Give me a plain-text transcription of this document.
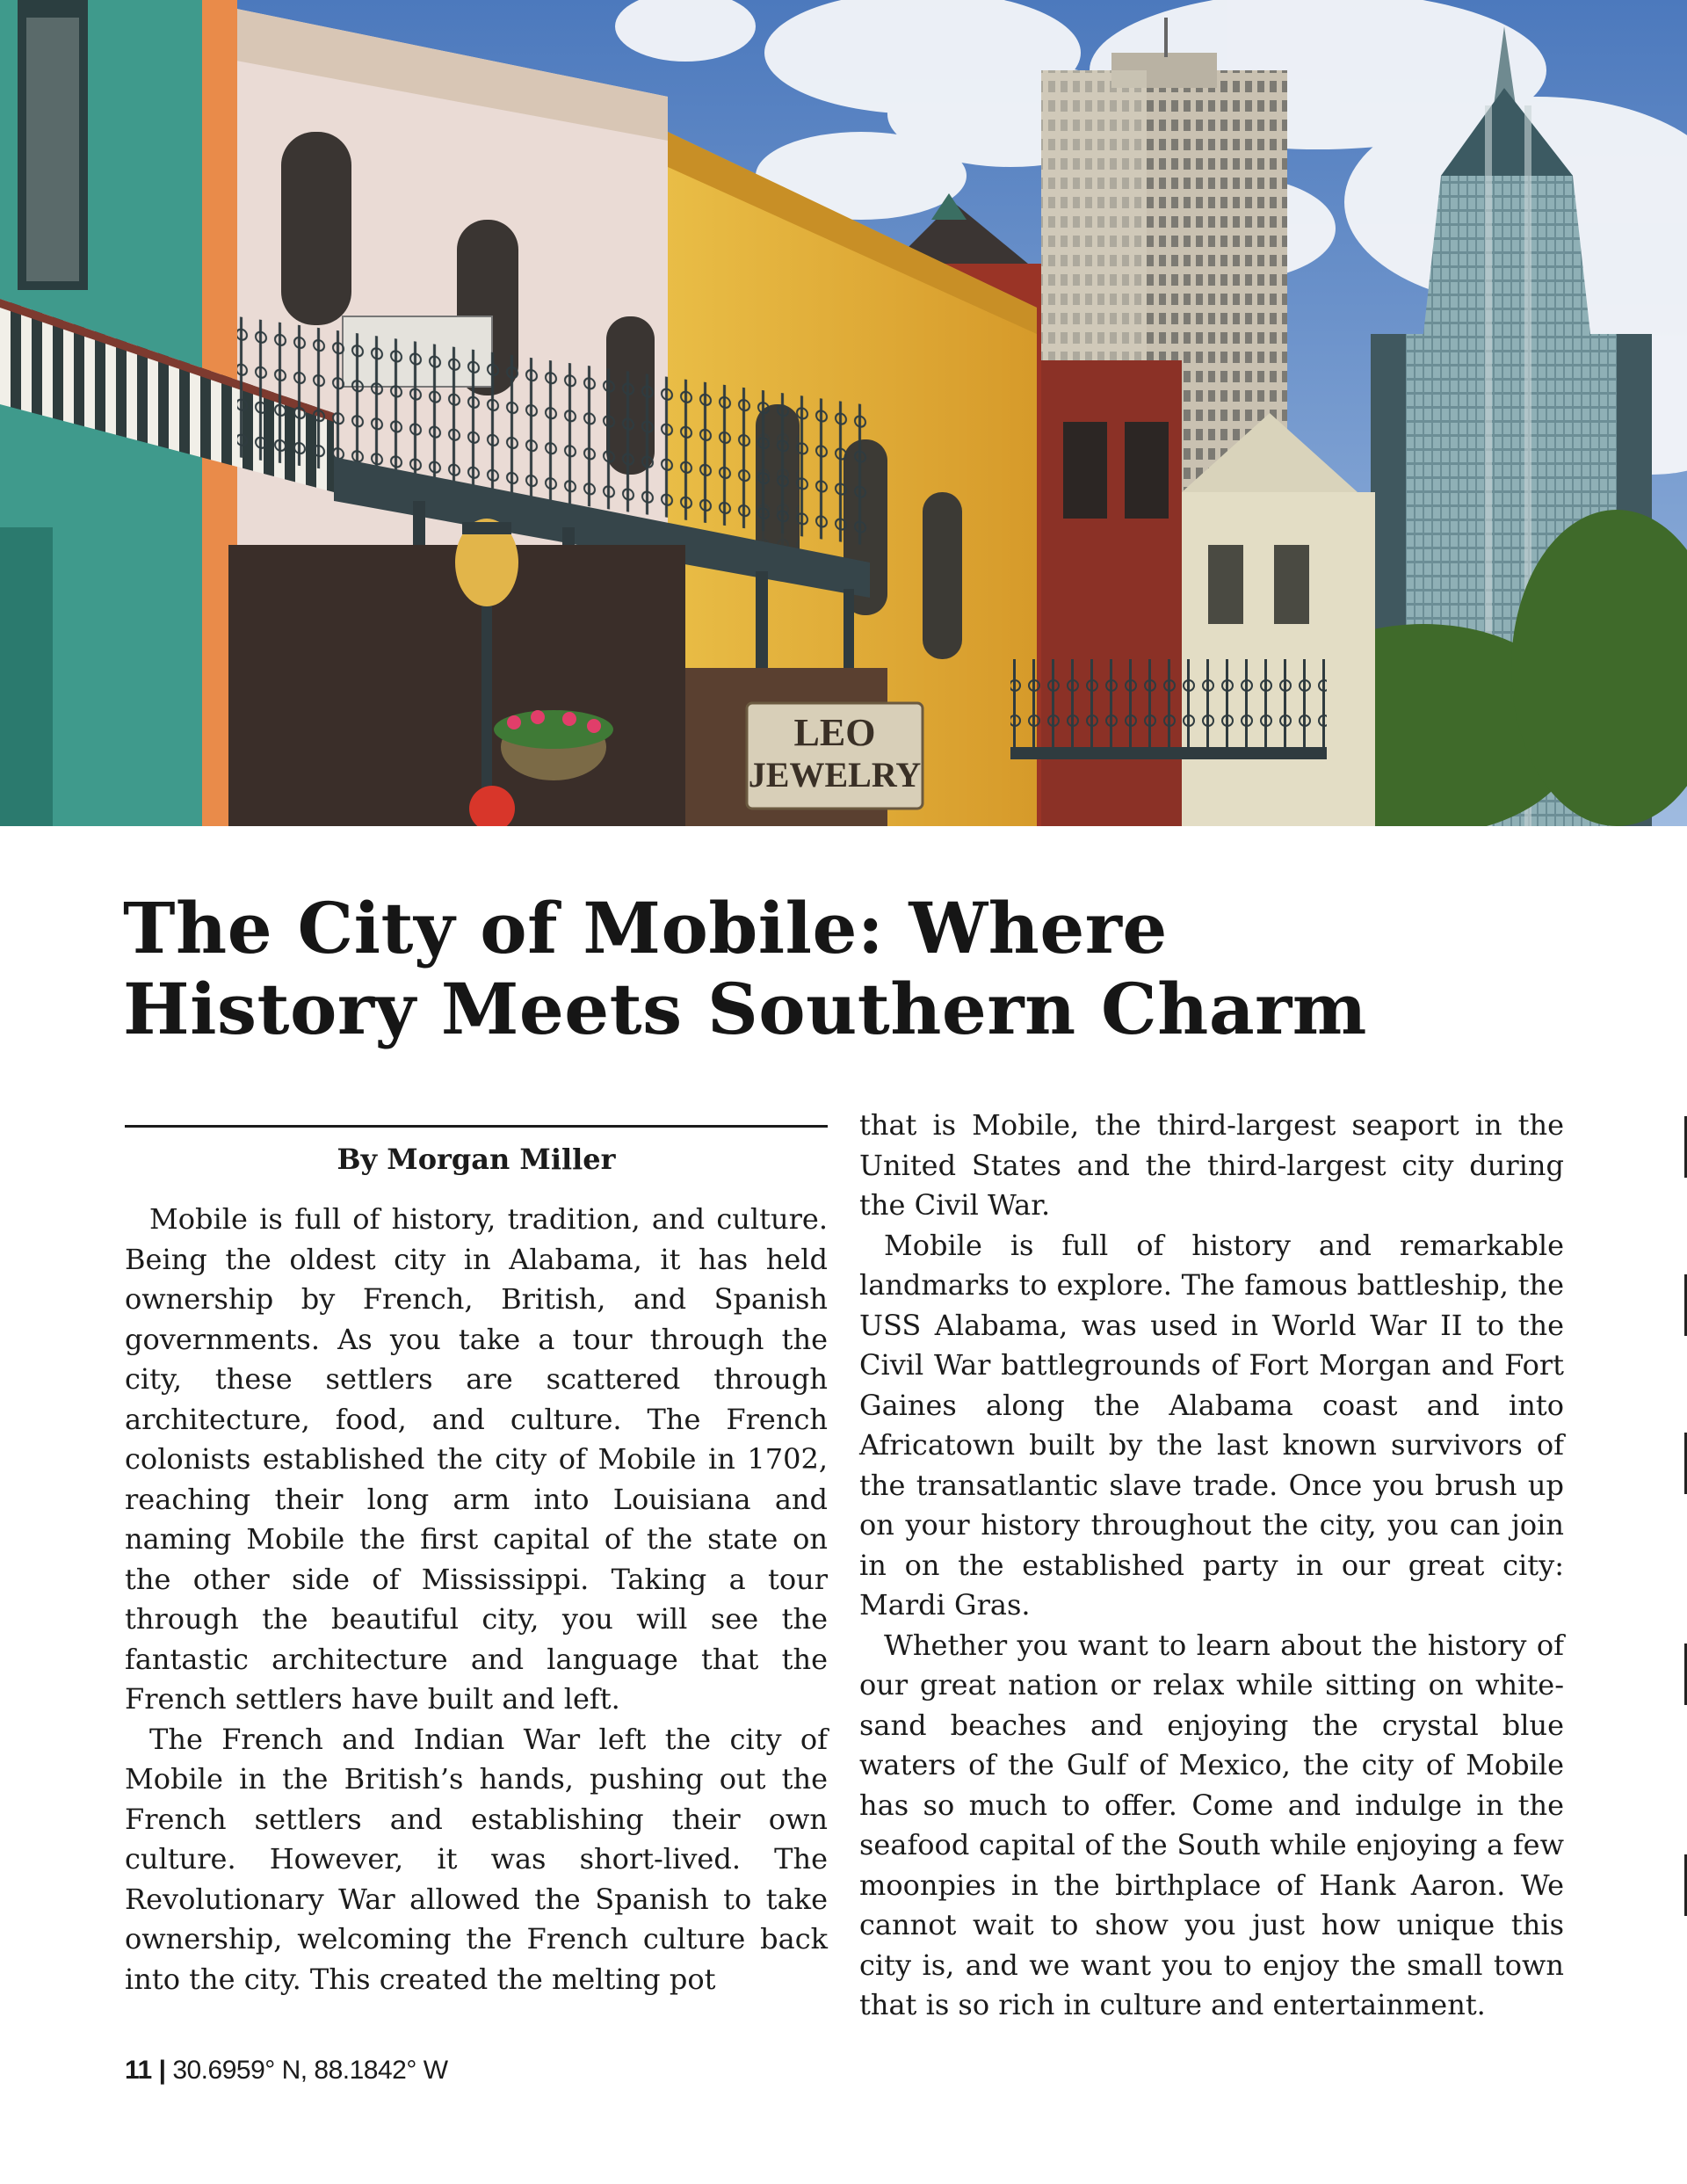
LEO
JEWELRY
The City of Mobile: Where History Meets Southern Charm
By Morgan Miller

Mobile is full of history, tradition, and culture. Being the oldest city in Alabama, it has held ownership by French, British, and Spanish governments. As you take a tour through the city, these settlers are scattered through architecture, food, and culture. The French colonists established the city of Mobile in 1702, reaching their long arm into Louisiana and naming Mobile the first capital of the state on the other side of Mississippi. Taking a tour through the beautiful city, you will see the fantastic architecture and language that the French settlers have built and left.

The French and Indian War left the city of Mobile in the British’s hands, pushing out the French settlers and establishing their own culture. However, it was short-lived. The Revolutionary War allowed the Spanish to take ownership, welcoming the French culture back into the city. This created the melting pot

that is Mobile, the third-largest seaport in the United States and the third-largest city during the Civil War.

Mobile is full of history and remarkable landmarks to explore. The famous battleship, the USS Alabama, was used in World War II to the Civil War battlegrounds of Fort Morgan and Fort Gaines along the Alabama coast and into Africatown built by the last known survivors of the transatlantic slave trade. Once you brush up on your history throughout the city, you can join in on the established party in our great city: Mardi Gras.

Whether you want to learn about the history of our great nation or relax while sitting on white-sand beaches and enjoying the crystal blue waters of the Gulf of Mexico, the city of Mobile has so much to offer. Come and indulge in the seafood capital of the South while enjoying a few moonpies in the birthplace of Hank Aaron. We cannot wait to show you just how unique this city is, and we want you to enjoy the small town that is so rich in culture and entertainment.

11 | 30.6959° N, 88.1842° W
